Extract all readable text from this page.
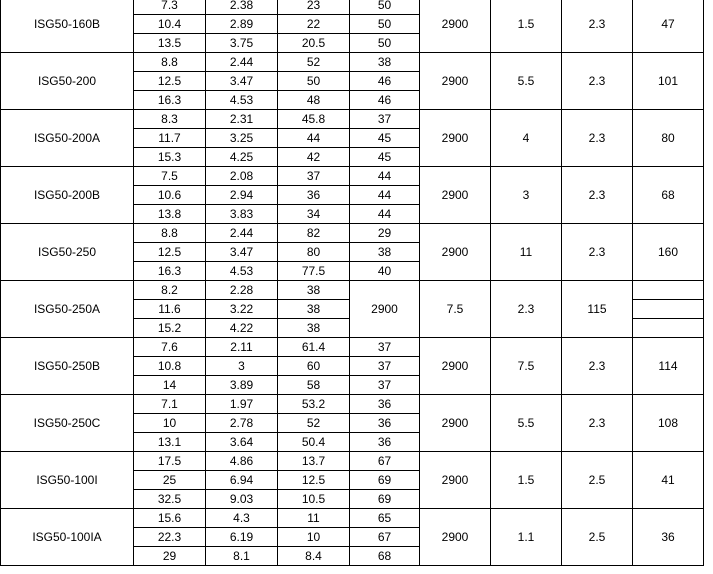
ISG50-160B	7.3	2.38	23	50	2900	1.5	2.3	47
	10.4	2.89	22	50				
	13.5	3.75	20.5	50				
ISG50-200	8.8	2.44	52	38	2900	5.5	2.3	101
	12.5	3.47	50	46				
	16.3	4.53	48	46				
ISG50-200A	8.3	2.31	45.8	37	2900	4	2.3	80
	11.7	3.25	44	45				
	15.3	4.25	42	45				
ISG50-200B	7.5	2.08	37	44	2900	3	2.3	68
	10.6	2.94	36	44				
	13.8	3.83	34	44				
ISG50-250	8.8	2.44	82	29	2900	11	2.3	160
	12.5	3.47	80	38				
	16.3	4.53	77.5	40				
ISG50-250A	8.2	2.28	38	2900	7.5	2.3	115	
	11.6	3.22	38					
	15.2	4.22	38					
ISG50-250B	7.6	2.11	61.4	37	2900	7.5	2.3	114
	10.8	3	60	37				
	14	3.89	58	37				
ISG50-250C	7.1	1.97	53.2	36	2900	5.5	2.3	108
	10	2.78	52	36				
	13.1	3.64	50.4	36				
ISG50-100I	17.5	4.86	13.7	67	2900	1.5	2.5	41
	25	6.94	12.5	69				
	32.5	9.03	10.5	69				
ISG50-100IA	15.6	4.3	11	65	2900	1.1	2.5	36
	22.3	6.19	10	67				
	29	8.1	8.4	68				
